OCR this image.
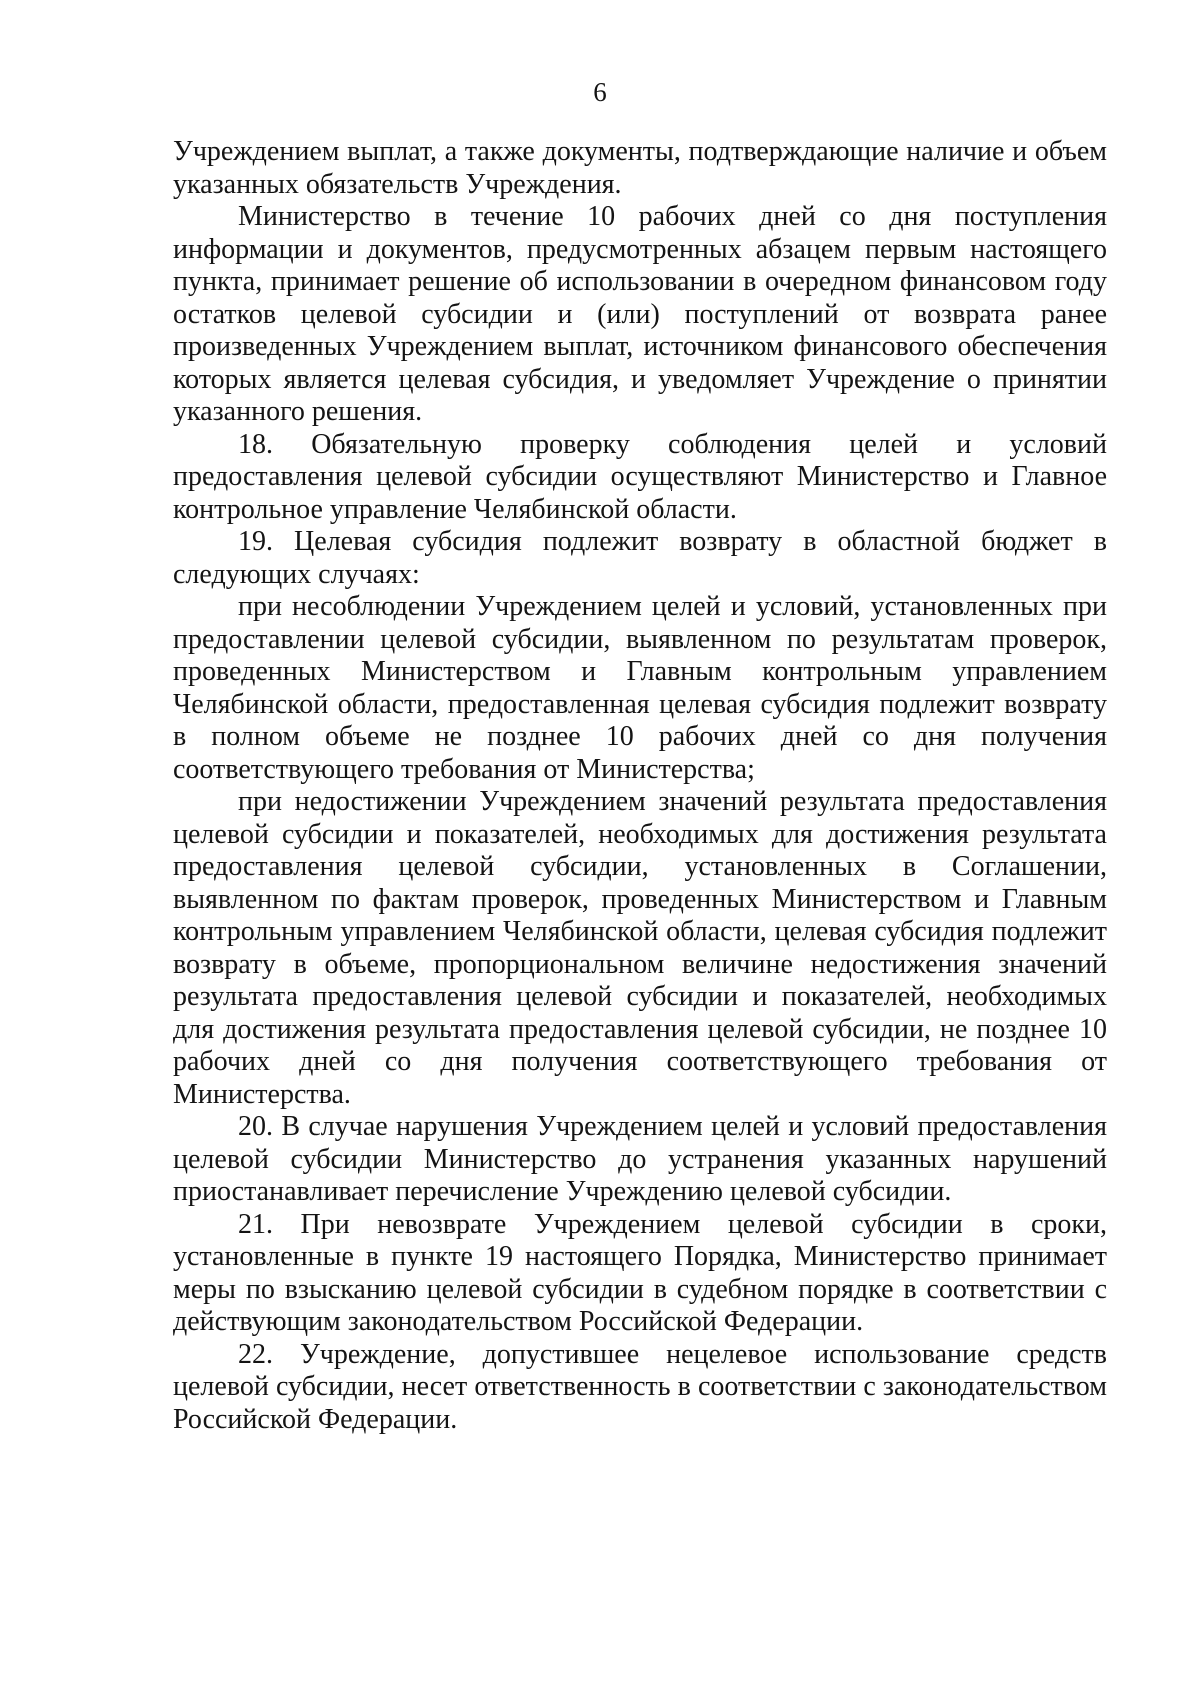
6

Учреждением выплат, а также документы, подтверждающие наличие и объем указанных обязательств Учреждения.

Министерство в течение 10 рабочих дней со дня поступления информации и документов, предусмотренных абзацем первым настоящего пункта, принимает решение об использовании в очередном финансовом году остатков целевой субсидии и (или) поступлений от возврата ранее произведенных Учреждением выплат, источником финансового обеспечения которых является целевая субсидия, и уведомляет Учреждение о принятии указанного решения.

18. Обязательную проверку соблюдения целей и условий предоставления целевой субсидии осуществляют Министерство и Главное контрольное управление Челябинской области.

19. Целевая субсидия подлежит возврату в областной бюджет в следующих случаях:

при несоблюдении Учреждением целей и условий, установленных при предоставлении целевой субсидии, выявленном по результатам проверок, проведенных Министерством и Главным контрольным управлением Челябинской области, предоставленная целевая субсидия подлежит возврату в полном объеме не позднее 10 рабочих дней со дня получения соответствующего требования от Министерства;

при недостижении Учреждением значений результата предоставления целевой субсидии и показателей, необходимых для достижения результата предоставления целевой субсидии, установленных в Соглашении, выявленном по фактам проверок, проведенных Министерством и Главным контрольным управлением Челябинской области, целевая субсидия подлежит возврату в объеме, пропорциональном величине недостижения значений результата предоставления целевой субсидии и показателей, необходимых для достижения результата предоставления целевой субсидии, не позднее 10 рабочих дней со дня получения соответствующего требования от Министерства.

20. В случае нарушения Учреждением целей и условий предоставления целевой субсидии Министерство до устранения указанных нарушений приостанавливает перечисление Учреждению целевой субсидии.

21. При невозврате Учреждением целевой субсидии в сроки, установленные в пункте 19 настоящего Порядка, Министерство принимает меры по взысканию целевой субсидии в судебном порядке в соответствии с действующим законодательством Российской Федерации.

22. Учреждение, допустившее нецелевое использование средств целевой субсидии, несет ответственность в соответствии с законодательством Российской Федерации.
